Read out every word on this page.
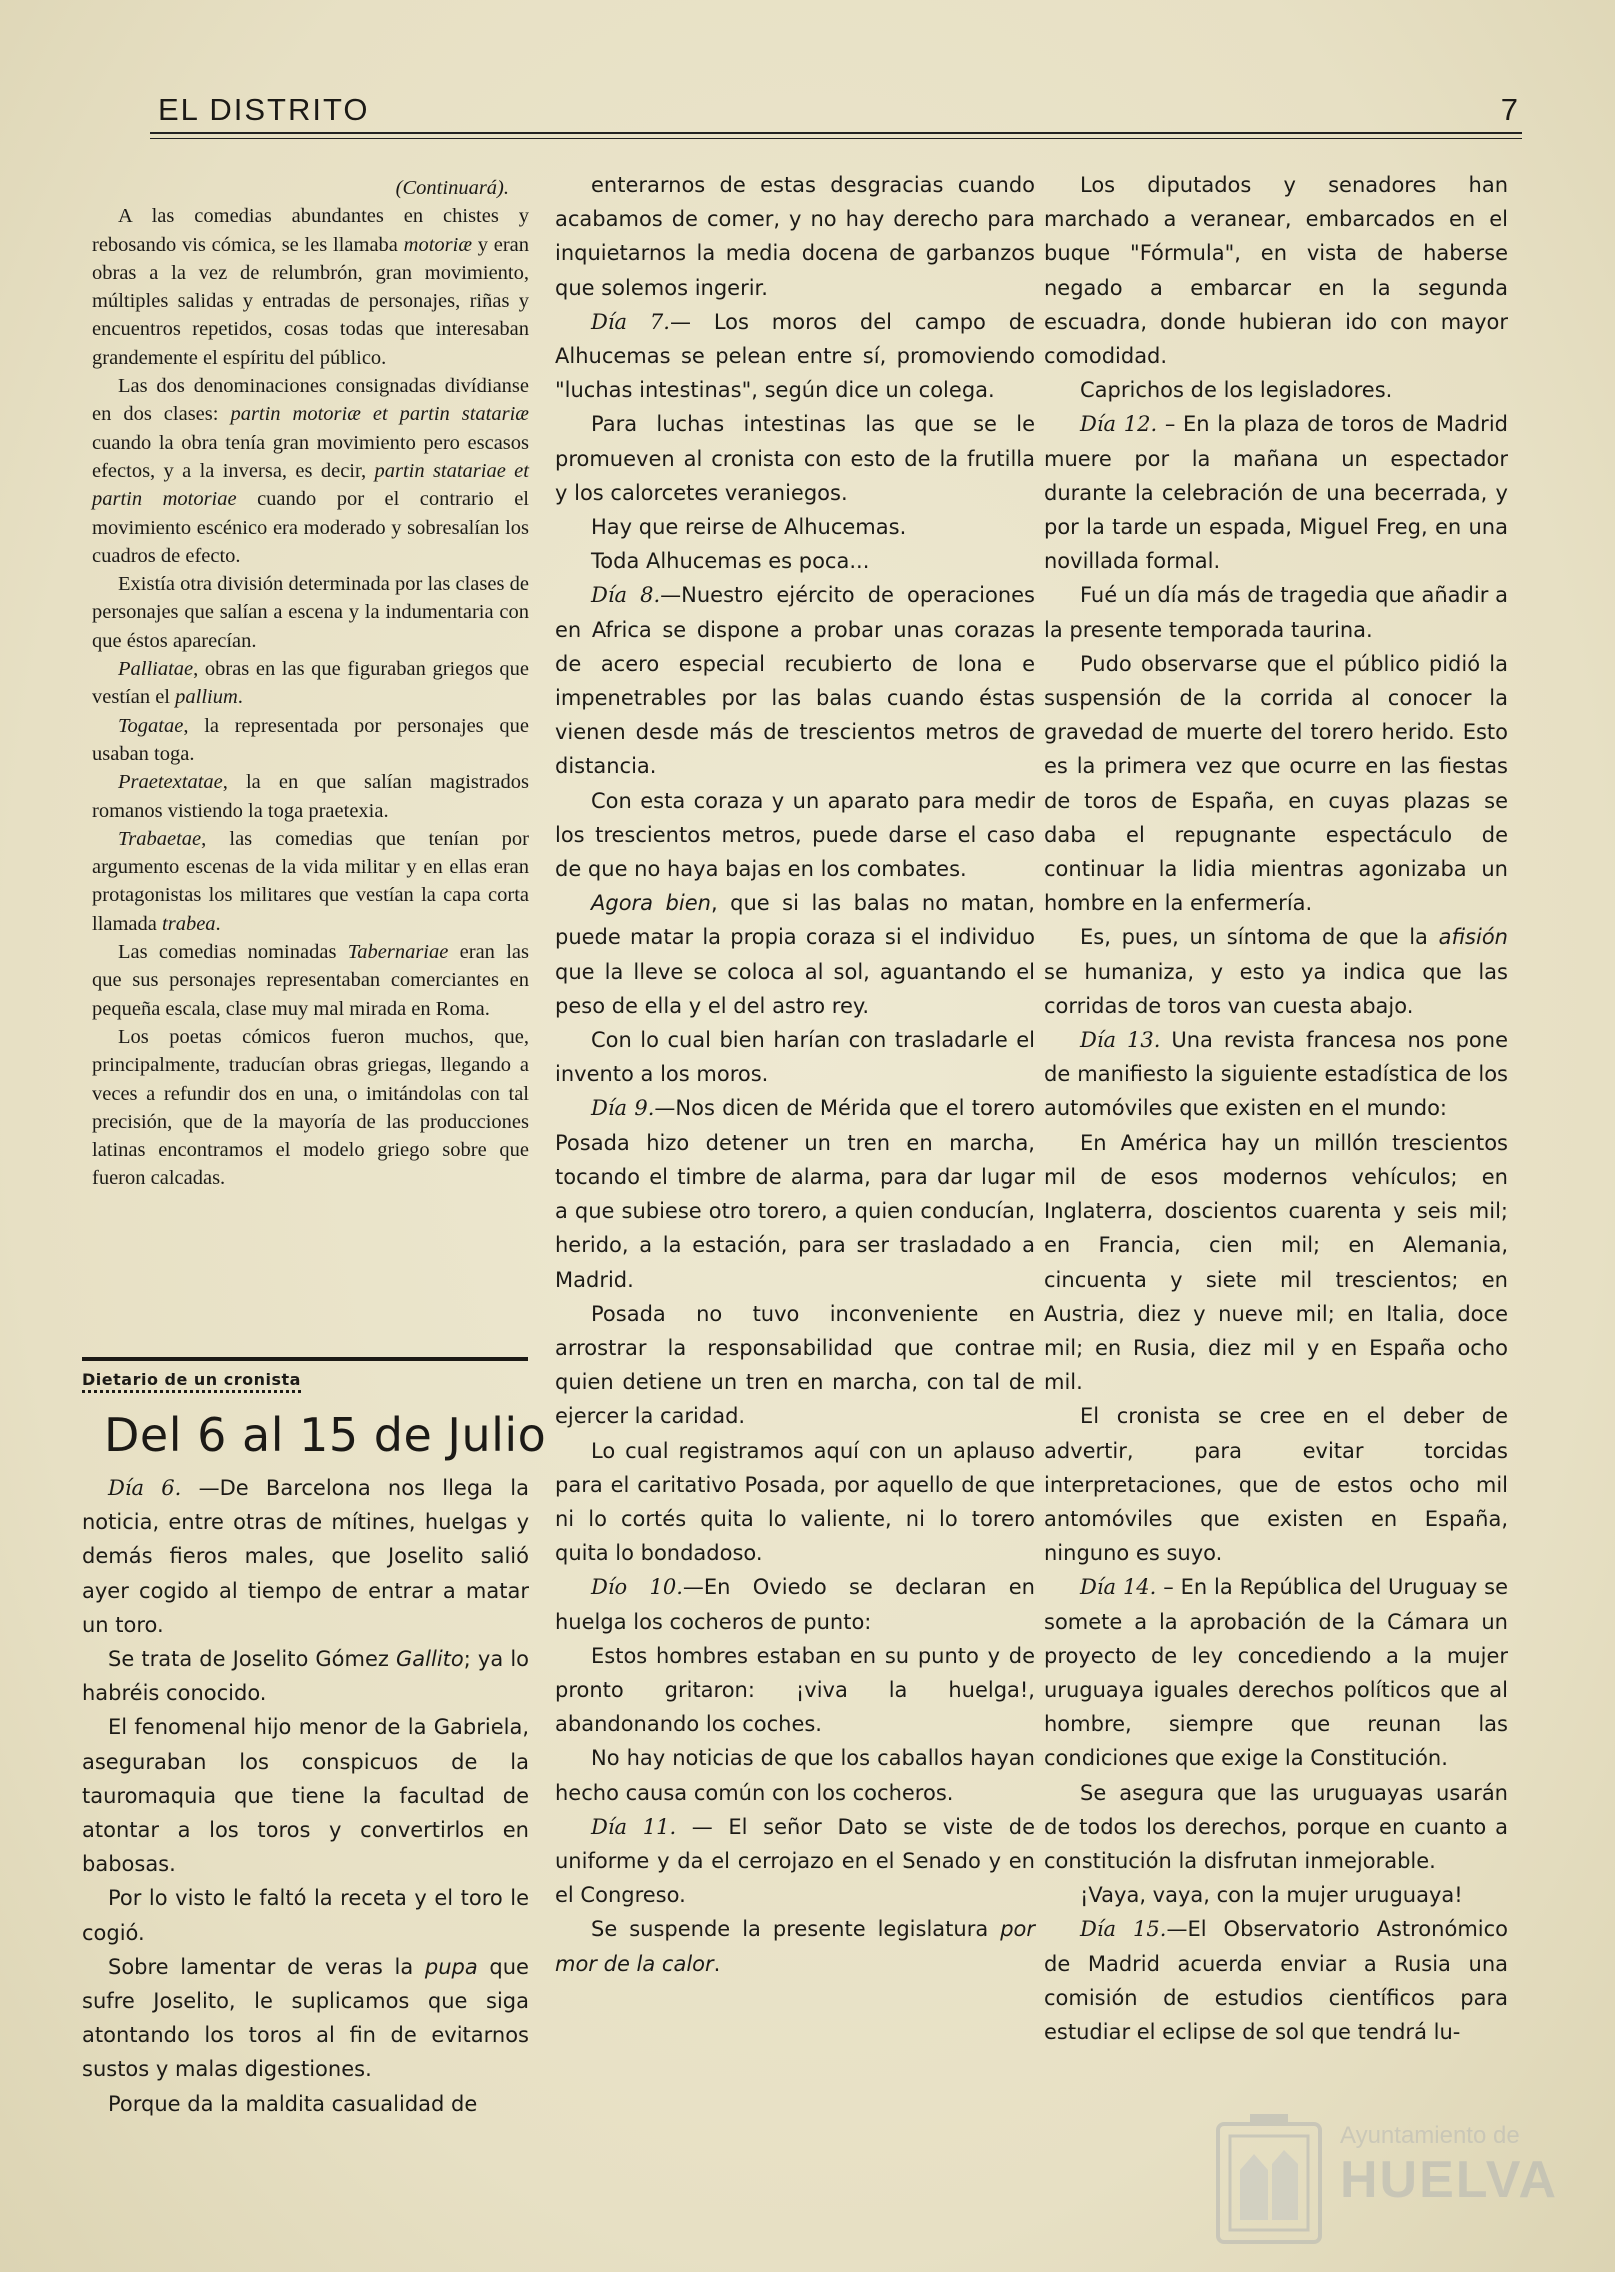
EL DISTRITO	7

(Continuará).

A las comedias abundantes en chistes y rebosando vis cómica, se les llamaba motoriæ y eran obras a la vez de relumbrón, gran movimiento, múltiples salidas y entradas de personajes, riñas y encuentros repetidos, cosas todas que interesaban grandemente el espíritu del público.

Las dos denominaciones consignadas divídianse en dos clases: partin motoriæ et partin statariæ cuando la obra tenía gran movimiento pero escasos efectos, y a la inversa, es decir, partin statariae et partin motoriae cuando por el contrario el movimiento escénico era moderado y sobresalían los cuadros de efecto.

Existía otra división determinada por las clases de personajes que salían a escena y la indumentaria con que éstos aparecían.

Palliatae, obras en las que figuraban griegos que vestían el pallium.

Togatae, la representada por personajes que usaban toga.

Praetextatae, la en que salían magistrados romanos vistiendo la toga praetexia.

Trabaetae, las comedias que tenían por argumento escenas de la vida militar y en ellas eran protagonistas los militares que vestían la capa corta llamada trabea.

Las comedias nominadas Tabernariae eran las que sus personajes representaban comerciantes en pequeña escala, clase muy mal mirada en Roma.

Los poetas cómicos fueron muchos, que, principalmente, traducían obras griegas, llegando a veces a refundir dos en una, o imitándolas con tal precisión, que de la mayoría de las producciones latinas encontramos el modelo griego sobre que fueron calcadas.

Dietario de un cronista
Del 6 al 15 de Julio

Día 6. —De Barcelona nos llega la noticia, entre otras de mítines, huelgas y demás fieros males, que Joselito salió ayer cogido al tiempo de entrar a matar un toro.

Se trata de Joselito Gómez Gallito; ya lo habréis conocido.

El fenomenal hijo menor de la Gabriela, aseguraban los conspicuos de la tauromaquia que tiene la facultad de atontar a los toros y convertirlos en babosas.

Por lo visto le faltó la receta y el toro le cogió.

Sobre lamentar de veras la pupa que sufre Joselito, le suplicamos que siga atontando los toros al fin de evitarnos sustos y malas digestiones.

Porque da la maldita casualidad de

enterarnos de estas desgracias cuando acabamos de comer, y no hay derecho para inquietarnos la media docena de garbanzos que solemos ingerir.

Día 7.— Los moros del campo de Alhucemas se pelean entre sí, promoviendo "luchas intestinas", según dice un colega.

Para luchas intestinas las que se le promueven al cronista con esto de la frutilla y los calorcetes veraniegos.

Hay que reirse de Alhucemas.

Toda Alhucemas es poca...

Día 8.—Nuestro ejército de operaciones en Africa se dispone a probar unas corazas de acero especial recubierto de lona e impenetrables por las balas cuando éstas vienen desde más de trescientos metros de distancia.

Con esta coraza y un aparato para medir los trescientos metros, puede darse el caso de que no haya bajas en los combates.

Agora bien, que si las balas no matan, puede matar la propia coraza si el individuo que la lleve se coloca al sol, aguantando el peso de ella y el del astro rey.

Con lo cual bien harían con trasladarle el invento a los moros.

Día 9.—Nos dicen de Mérida que el torero Posada hizo detener un tren en marcha, tocando el timbre de alarma, para dar lugar a que subiese otro torero, a quien conducían, herido, a la estación, para ser trasladado a Madrid.

Posada no tuvo inconveniente en arrostrar la responsabilidad que contrae quien detiene un tren en marcha, con tal de ejercer la caridad.

Lo cual registramos aquí con un aplauso para el caritativo Posada, por aquello de que ni lo cortés quita lo valiente, ni lo torero quita lo bondadoso.

Dío 10.—En Oviedo se declaran en huelga los cocheros de punto:

Estos hombres estaban en su punto y de pronto gritaron: ¡viva la huelga!, abandonando los coches.

No hay noticias de que los caballos hayan hecho causa común con los cocheros.

Día 11. — El señor Dato se viste de uniforme y da el cerrojazo en el Senado y en el Congreso.

Se suspende la presente legislatura por mor de la calor.

Los diputados y senadores han marchado a veranear, embarcados en el buque "Fórmula", en vista de haberse negado a embarcar en la segunda escuadra, donde hubieran ido con mayor comodidad.

Caprichos de los legisladores.

Día 12. – En la plaza de toros de Madrid muere por la mañana un espectador durante la celebración de una becerrada, y por la tarde un espada, Miguel Freg, en una novillada formal.

Fué un día más de tragedia que añadir a la presente temporada taurina.

Pudo observarse que el público pidió la suspensión de la corrida al conocer la gravedad de muerte del torero herido. Esto es la primera vez que ocurre en las fiestas de toros de España, en cuyas plazas se daba el repugnante espectáculo de continuar la lidia mientras agonizaba un hombre en la enfermería.

Es, pues, un síntoma de que la afisión se humaniza, y esto ya indica que las corridas de toros van cuesta abajo.

Día 13. Una revista francesa nos pone de manifiesto la siguiente estadística de los automóviles que existen en el mundo:

En América hay un millón trescientos mil de esos modernos vehículos; en Inglaterra, doscientos cuarenta y seis mil; en Francia, cien mil; en Alemania, cincuenta y siete mil trescientos; en Austria, diez y nueve mil; en Italia, doce mil; en Rusia, diez mil y en España ocho mil.

El cronista se cree en el deber de advertir, para evitar torcidas interpretaciones, que de estos ocho mil antomóviles que existen en España, ninguno es suyo.

Día 14. – En la República del Uruguay se somete a la aprobación de la Cámara un proyecto de ley concediendo a la mujer uruguaya iguales derechos políticos que al hombre, siempre que reunan las condiciones que exige la Constitución.

Se asegura que las uruguayas usarán de todos los derechos, porque en cuanto a constitución la disfrutan inmejorable.

¡Vaya, vaya, con la mujer uruguaya!

Día 15.—El Observatorio Astronómico de Madrid acuerda enviar a Rusia una comisión de estudios científicos para estudiar el eclipse de sol que tendrá lu-

Ayuntamiento de
HUELVA
